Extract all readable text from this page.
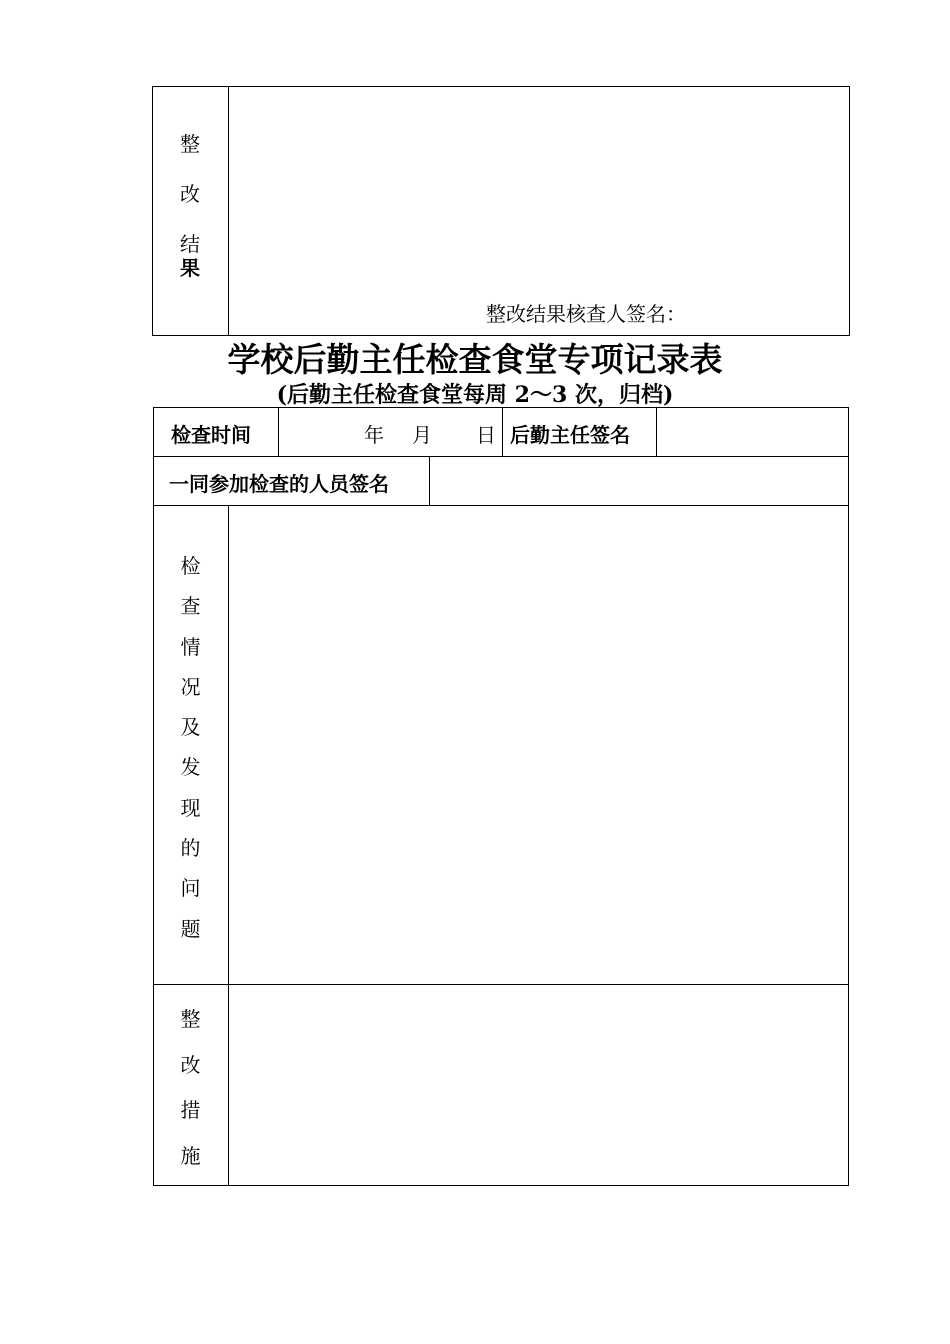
整
改
结
果
整改结果核查人签名：
学校后勤主任检查食堂专项记录表
(后勤主任检查食堂每周 2～3 次，归档)
检查时间	年 月 日 后勤主任签名
一同参加检查的人员签名
检
查
情
况
及
发
现
的
问
题
整
改
措
施
